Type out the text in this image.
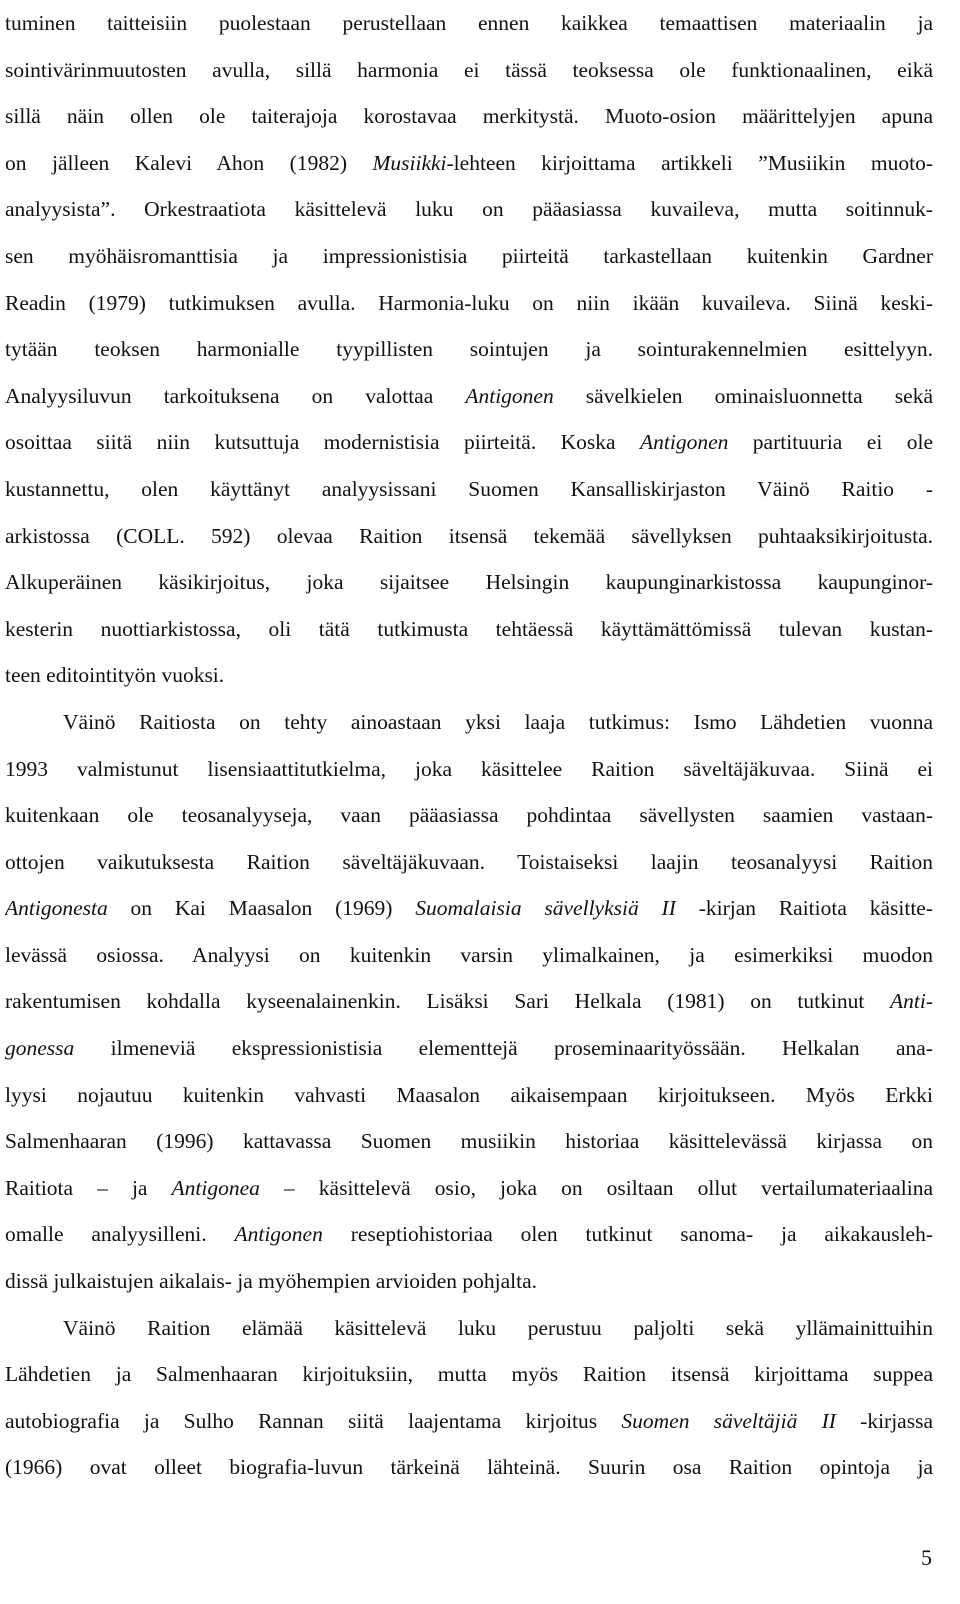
tuminen taitteisiin puolestaan perustellaan ennen kaikkea temaattisen materiaalin ja
sointivärinmuutosten avulla, sillä harmonia ei tässä teoksessa ole funktionaalinen, eikä
sillä näin ollen ole taiterajoja korostavaa merkitystä. Muoto-osion määrittelyjen apuna
on jälleen Kalevi Ahon (1982) Musiikki-lehteen kirjoittama artikkeli ”Musiikin muoto-
analyysista”. Orkestraatiota käsittelevä luku on pääasiassa kuvaileva, mutta soitinnuk-
sen myöhäisromanttisia ja impressionistisia piirteitä tarkastellaan kuitenkin Gardner
Readin (1979) tutkimuksen avulla. Harmonia-luku on niin ikään kuvaileva. Siinä keski-
tytään teoksen harmonialle tyypillisten sointujen ja sointurakennelmien esittelyyn.
Analyysiluvun tarkoituksena on valottaa Antigonen sävelkielen ominaisluonnetta sekä
osoittaa siitä niin kutsuttuja modernistisia piirteitä. Koska Antigonen partituuria ei ole
kustannettu, olen käyttänyt analyysissani Suomen Kansalliskirjaston Väinö Raitio -
arkistossa (COLL. 592) olevaa Raition itsensä tekemää sävellyksen puhtaaksikirjoitusta.
Alkuperäinen käsikirjoitus, joka sijaitsee Helsingin kaupunginarkistossa kaupunginor-
kesterin nuottiarkistossa, oli tätä tutkimusta tehtäessä käyttämättömissä tulevan kustan-
teen editointityön vuoksi.
Väinö Raitiosta on tehty ainoastaan yksi laaja tutkimus: Ismo Lähdetien vuonna
1993 valmistunut lisensiaattitutkielma, joka käsittelee Raition säveltäjäkuvaa. Siinä ei
kuitenkaan ole teosanalyyseja, vaan pääasiassa pohdintaa sävellysten saamien vastaan-
ottojen vaikutuksesta Raition säveltäjäkuvaan. Toistaiseksi laajin teosanalyysi Raition
Antigonesta on Kai Maasalon (1969) Suomalaisia sävellyksiä II -kirjan Raitiota käsitte-
levässä osiossa. Analyysi on kuitenkin varsin ylimalkainen, ja esimerkiksi muodon
rakentumisen kohdalla kyseenalainenkin. Lisäksi Sari Helkala (1981) on tutkinut Anti-
gonessa ilmeneviä ekspressionistisia elementtejä proseminaarityössään. Helkalan ana-
lyysi nojautuu kuitenkin vahvasti Maasalon aikaisempaan kirjoitukseen. Myös Erkki
Salmenhaaran (1996) kattavassa Suomen musiikin historiaa käsittelevässä kirjassa on
Raitiota – ja Antigonea – käsittelevä osio, joka on osiltaan ollut vertailumateriaalina
omalle analyysilleni. Antigonen reseptiohistoriaa olen tutkinut sanoma- ja aikakausleh-
dissä julkaistujen aikalais- ja myöhempien arvioiden pohjalta.
Väinö Raition elämää käsittelevä luku perustuu paljolti sekä yllämainittuihin
Lähdetien ja Salmenhaaran kirjoituksiin, mutta myös Raition itsensä kirjoittama suppea
autobiografia ja Sulho Rannan siitä laajentama kirjoitus Suomen säveltäjiä II -kirjassa
(1966) ovat olleet biografia-luvun tärkeinä lähteinä. Suurin osa Raition opintoja ja
5
